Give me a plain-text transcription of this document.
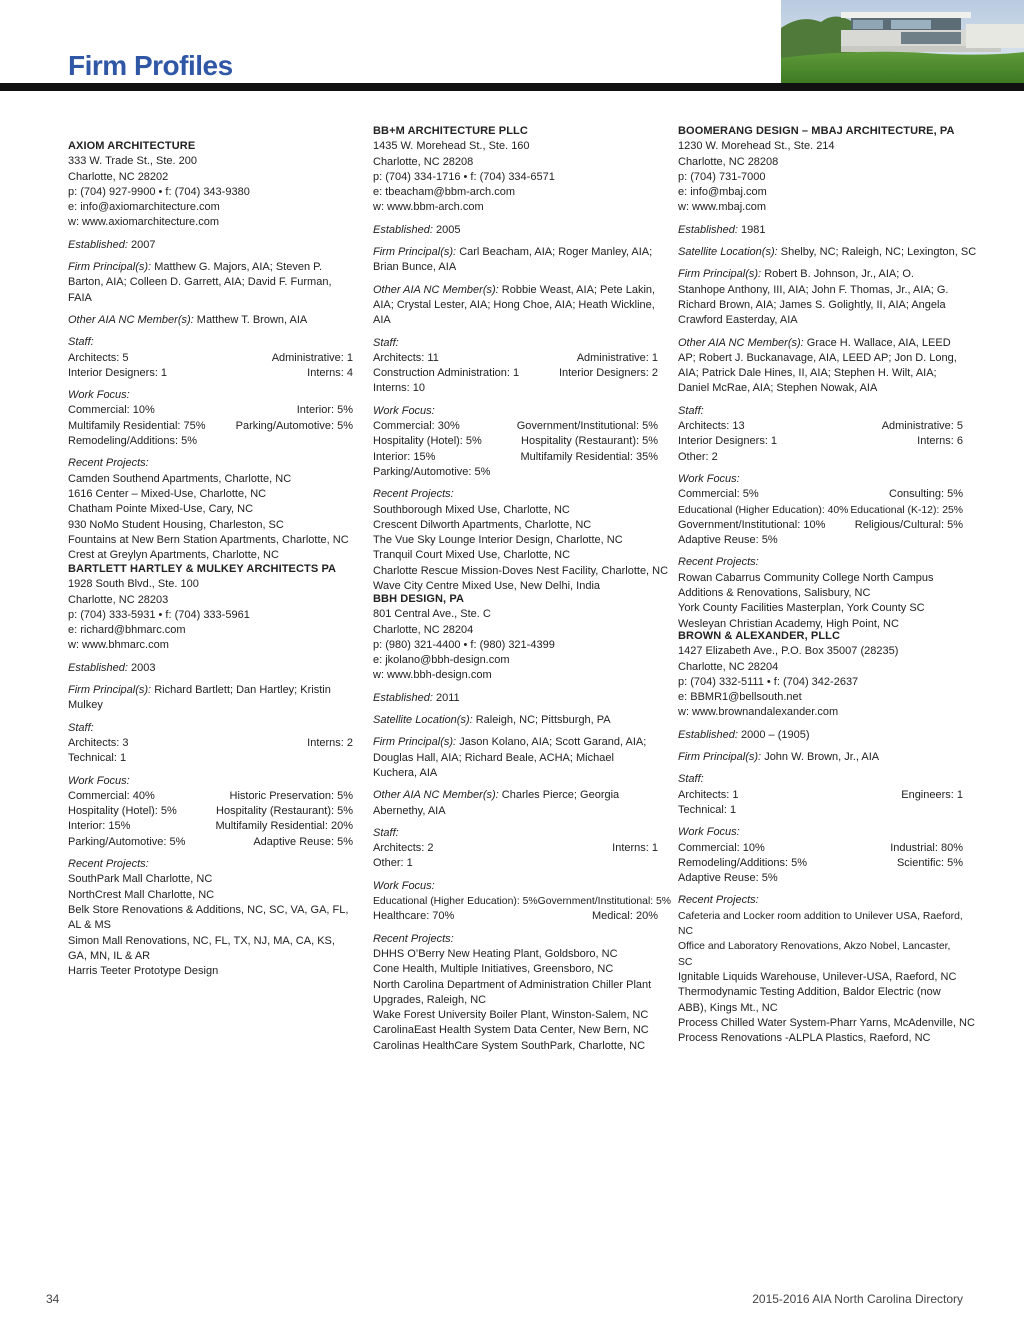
Firm Profiles
AXIOM ARCHITECTURE
333 W. Trade St., Ste. 200
Charlotte, NC 28202
p: (704) 927-9900 • f: (704) 343-9380
e: info@axiomarchitecture.com
w: www.axiomarchitecture.com
Established: 2007
Firm Principal(s): Matthew G. Majors, AIA; Steven P. Barton, AIA; Colleen D. Garrett, AIA; David F. Furman, FAIA
Other AIA NC Member(s): Matthew T. Brown, AIA
Staff:
Architects: 5	Administrative: 1
Interior Designers: 1	Interns: 4
Work Focus:
Commercial: 10%	Interior: 5%
Multifamily Residential: 75%	Parking/Automotive: 5%
Remodeling/Additions: 5%
Recent Projects:
Camden Southend Apartments, Charlotte, NC
1616 Center – Mixed-Use, Charlotte, NC
Chatham Pointe Mixed-Use, Cary, NC
930 NoMo Student Housing, Charleston, SC
Fountains at New Bern Station Apartments, Charlotte, NC
Crest at Greylyn Apartments, Charlotte, NC
BARTLETT HARTLEY & MULKEY ARCHITECTS PA
1928 South Blvd., Ste. 100
Charlotte, NC 28203
p: (704) 333-5931 • f: (704) 333-5961
e: richard@bhmarc.com
w: www.bhmarc.com
Established: 2003
Firm Principal(s): Richard Bartlett; Dan Hartley; Kristin Mulkey
Staff:
Architects: 3	Interns: 2
Technical: 1
Work Focus:
Commercial: 40%	Historic Preservation: 5%
Hospitality (Hotel): 5%	Hospitality (Restaurant): 5%
Interior: 15%	Multifamily Residential: 20%
Parking/Automotive: 5%	Adaptive Reuse: 5%
Recent Projects:
SouthPark Mall Charlotte, NC
NorthCrest Mall Charlotte, NC
Belk Store Renovations & Additions, NC, SC, VA, GA, FL, AL & MS
Simon Mall Renovations, NC, FL, TX, NJ, MA, CA, KS, GA, MN, IL & AR
Harris Teeter Prototype Design
BB+M ARCHITECTURE PLLC
1435 W. Morehead St., Ste. 160
Charlotte, NC 28208
p: (704) 334-1716 • f: (704) 334-6571
e: tbeacham@bbm-arch.com
w: www.bbm-arch.com
Established: 2005
Firm Principal(s): Carl Beacham, AIA; Roger Manley, AIA; Brian Bunce, AIA
Other AIA NC Member(s): Robbie Weast, AIA; Pete Lakin, AIA; Crystal Lester, AIA; Hong Choe, AIA; Heath Wickline, AIA
Staff:
Architects: 11	Administrative: 1
Construction Administration: 1	Interior Designers: 2
Interns: 10
Work Focus:
Commercial: 30%	Government/Institutional: 5%
Hospitality (Hotel): 5%	Hospitality (Restaurant): 5%
Interior: 15%	Multifamily Residential: 35%
Parking/Automotive: 5%
Recent Projects:
Southborough Mixed Use, Charlotte, NC
Crescent Dilworth Apartments, Charlotte, NC
The Vue Sky Lounge Interior Design, Charlotte, NC
Tranquil Court Mixed Use, Charlotte, NC
Charlotte Rescue Mission-Doves Nest Facility, Charlotte, NC
Wave City Centre Mixed Use, New Delhi, India
BBH DESIGN, PA
801 Central Ave., Ste. C
Charlotte, NC 28204
p: (980) 321-4400 • f: (980) 321-4399
e: jkolano@bbh-design.com
w: www.bbh-design.com
Established: 2011
Satellite Location(s): Raleigh, NC; Pittsburgh, PA
Firm Principal(s): Jason Kolano, AIA; Scott Garand, AIA; Douglas Hall, AIA; Richard Beale, ACHA; Michael Kuchera, AIA
Other AIA NC Member(s): Charles Pierce; Georgia Abernethy, AIA
Staff:
Architects: 2	Interns: 1
Other: 1
Work Focus:
Educational (Higher Education): 5% Government/Institutional: 5%
Healthcare: 70%	Medical: 20%
Recent Projects:
DHHS O’Berry New Heating Plant, Goldsboro, NC
Cone Health, Multiple Initiatives, Greensboro, NC
North Carolina Department of Administration Chiller Plant Upgrades, Raleigh, NC
Wake Forest University Boiler Plant, Winston-Salem, NC
CarolinaEast Health System Data Center, New Bern, NC
Carolinas HealthCare System SouthPark, Charlotte, NC
BOOMERANG DESIGN – MBAJ ARCHITECTURE, PA
1230 W. Morehead St., Ste. 214
Charlotte, NC 28208
p: (704) 731-7000
e: info@mbaj.com
w: www.mbaj.com
Established: 1981
Satellite Location(s): Shelby, NC; Raleigh, NC; Lexington, SC
Firm Principal(s): Robert B. Johnson, Jr., AIA; O. Stanhope Anthony, III, AIA; John F. Thomas, Jr., AIA; G. Richard Brown, AIA; James S. Golightly, II, AIA; Angela Crawford Easterday, AIA
Other AIA NC Member(s): Grace H. Wallace, AIA, LEED AP; Robert J. Buckanavage, AIA, LEED AP; Jon D. Long, AIA; Patrick Dale Hines, II, AIA; Stephen H. Wilt, AIA; Daniel McRae, AIA; Stephen Nowak, AIA
Staff:
Architects: 13	Administrative: 5
Interior Designers: 1	Interns: 6
Other: 2
Work Focus:
Commercial: 5%	Consulting: 5%
Educational (Higher Education): 40% Educational (K-12): 25%
Government/Institutional: 10%	Religious/Cultural: 5%
Adaptive Reuse: 5%
Recent Projects:
Rowan Cabarrus Community College North Campus Additions & Renovations, Salisbury, NC
York County Facilities Masterplan, York County SC
Wesleyan Christian Academy, High Point, NC
BROWN & ALEXANDER, PLLC
1427 Elizabeth Ave., P.O. Box 35007 (28235)
Charlotte, NC 28204
p: (704) 332-5111 • f: (704) 342-2637
e: BBMR1@bellsouth.net
w: www.brownandalexander.com
Established: 2000 – (1905)
Firm Principal(s): John W. Brown, Jr., AIA
Staff:
Architects: 1	Engineers: 1
Technical: 1
Work Focus:
Commercial: 10%	Industrial: 80%
Remodeling/Additions: 5%	Scientific: 5%
Adaptive Reuse: 5%
Recent Projects:
Cafeteria and Locker room addition to Unilever USA, Raeford, NC
Office and Laboratory Renovations, Akzo Nobel, Lancaster, SC
Ignitable Liquids Warehouse, Unilever-USA, Raeford, NC
Thermodynamic Testing Addition, Baldor Electric (now ABB), Kings Mt., NC
Process Chilled Water System-Pharr Yarns, McAdenville, NC
Process Renovations -ALPLA Plastics, Raeford, NC
34	2015-2016 AIA North Carolina Directory
